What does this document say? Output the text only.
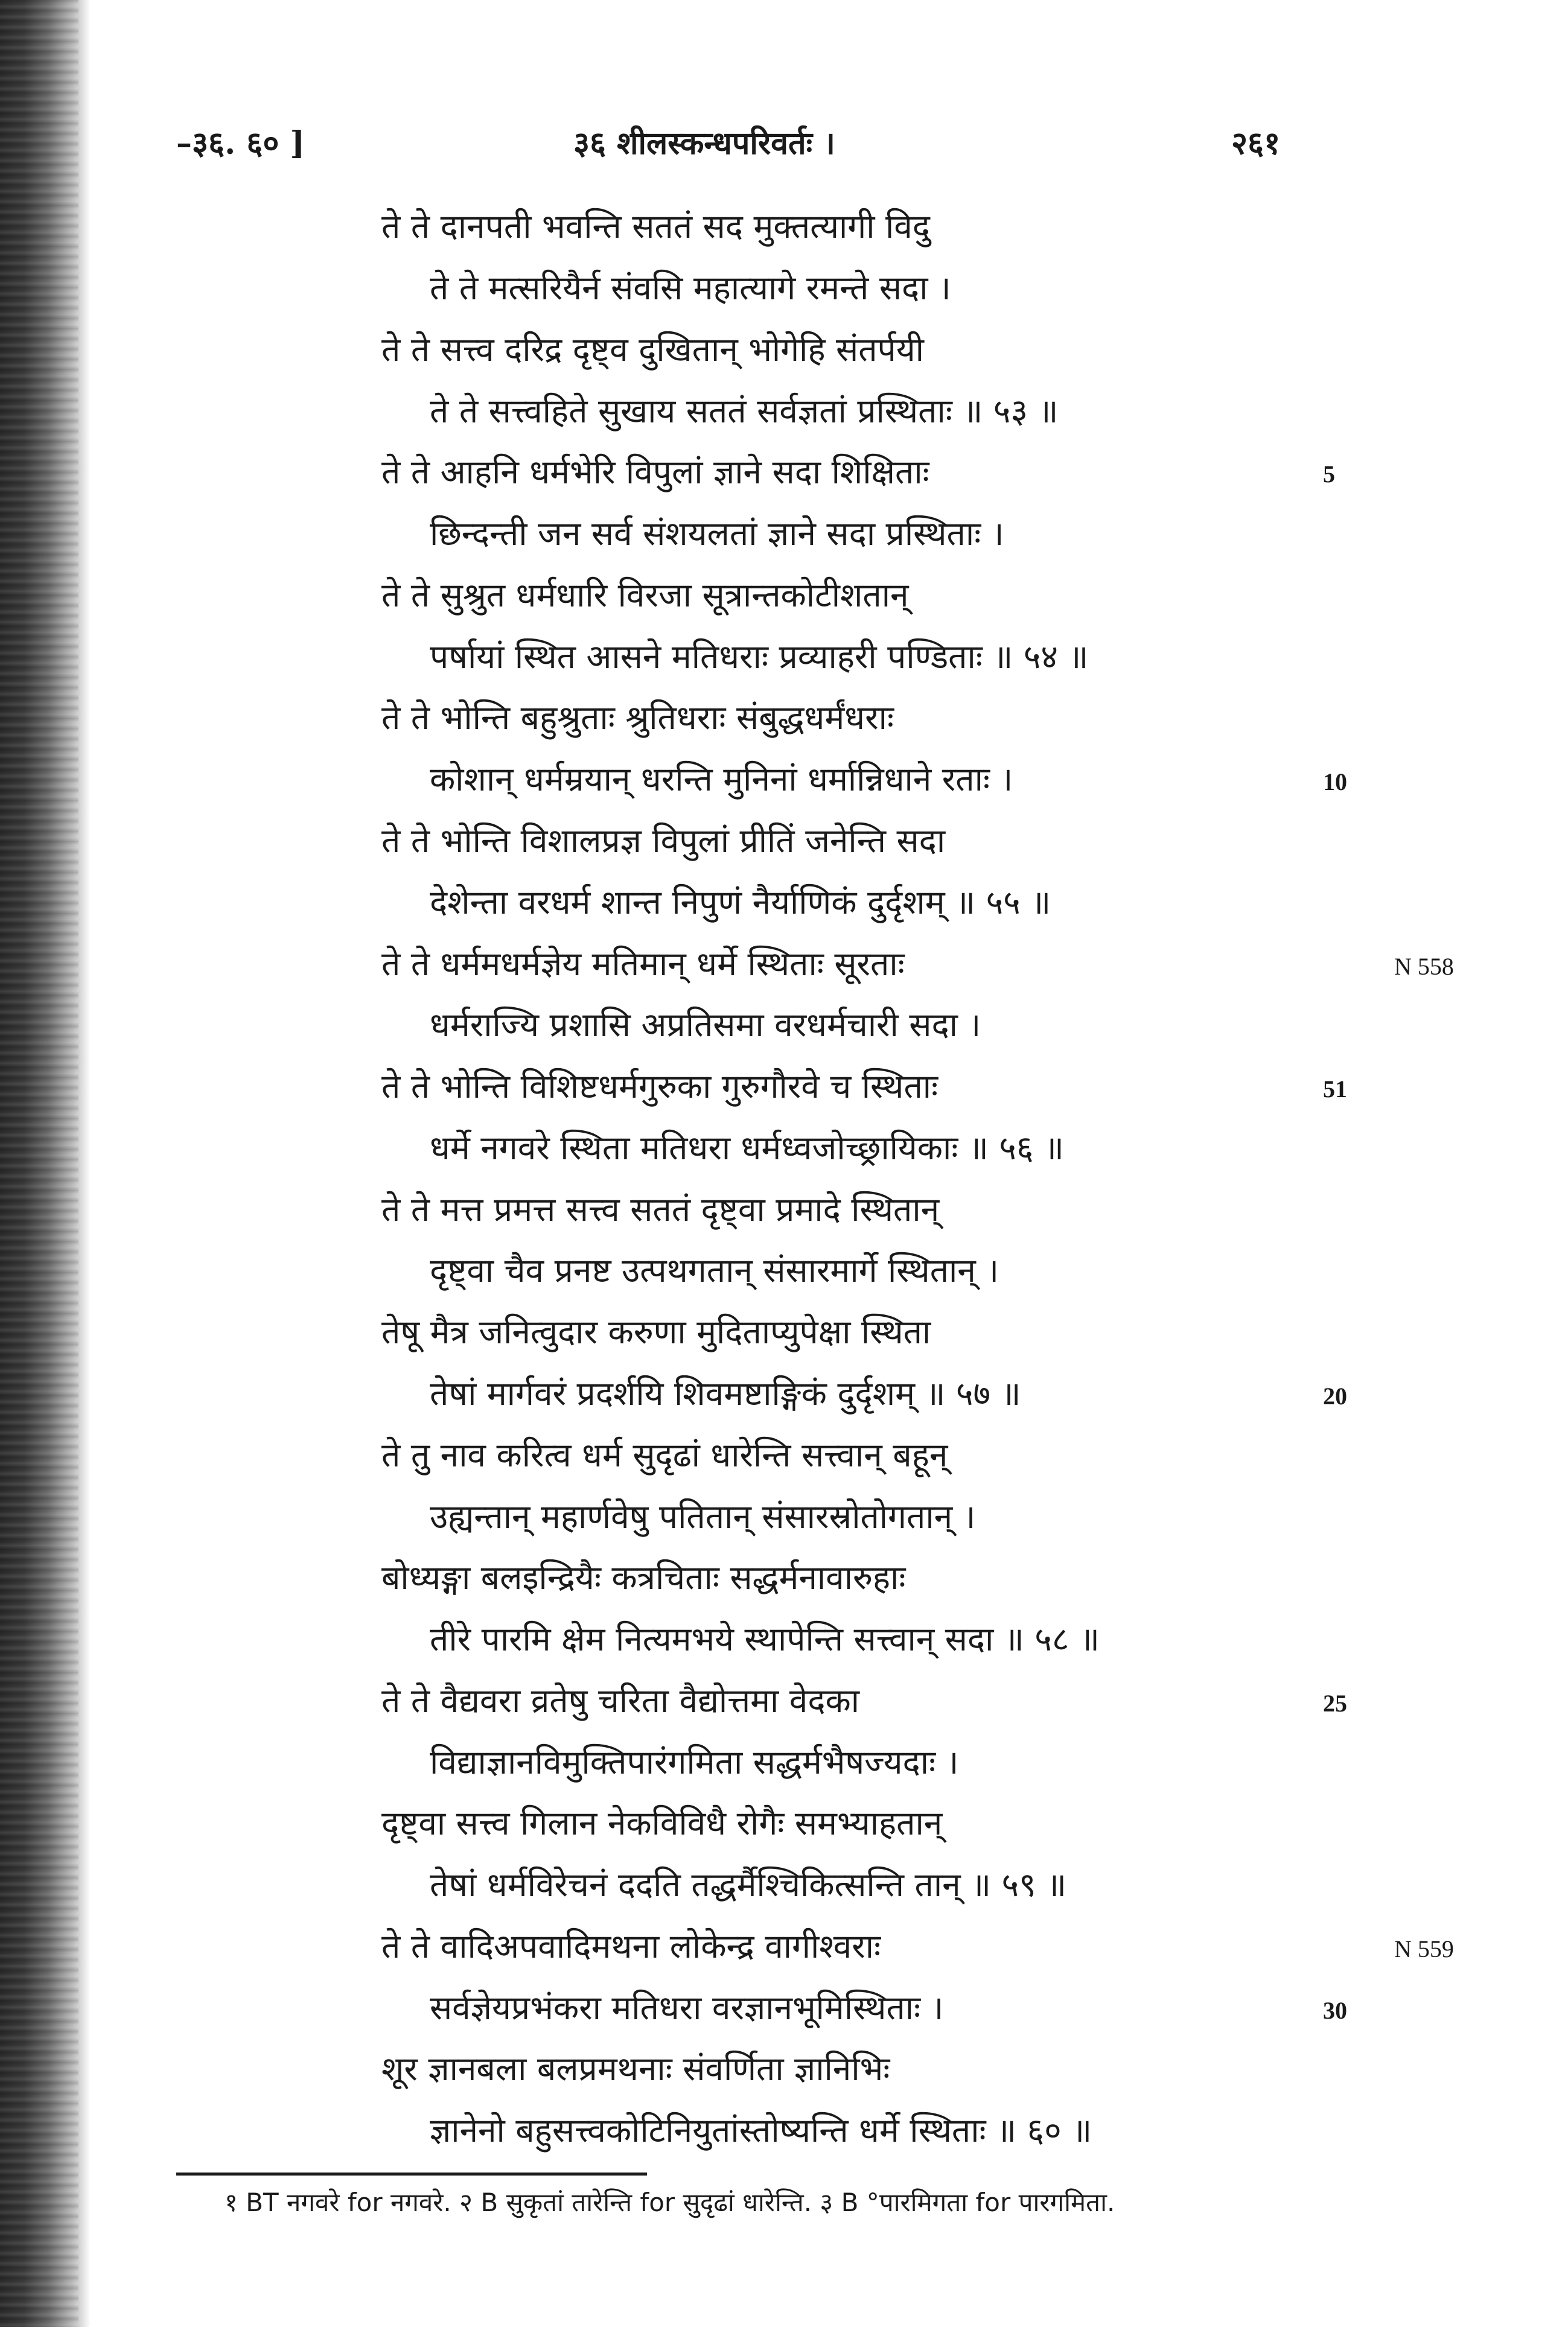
–३६. ६० ]	३६ शीलस्कन्धपरिवर्तः ।	२६१
ते ते दानपती भवन्ति सततं सद मुक्तत्यागी विदु
ते ते मत्सरियैर्न संवसि महात्यागे रमन्ते सदा ।
ते ते सत्त्व दरिद्र दृष्ट्व दुखितान् भोगेहि संतर्पयी
ते ते सत्त्वहिते सुखाय सततं सर्वज्ञतां प्रस्थिताः ॥ ५३ ॥
ते ते आहनि धर्मभेरि विपुलां ज्ञाने सदा शिक्षिताः
छिन्दन्ती जन सर्व संशयलतां ज्ञाने सदा प्रस्थिताः ।
ते ते सुश्रुत धर्मधारि विरजा सूत्रान्तकोटीशतान्
पर्षायां स्थित आसने मतिधराः प्रव्याहरी पण्डिताः ॥ ५४ ॥
ते ते भोन्ति बहुश्रुताः श्रुतिधराः संबुद्धधर्मंधराः
कोशान् धर्मम्रयान् धरन्ति मुनिनां धर्मान्निधाने रताः ।
ते ते भोन्ति विशालप्रज्ञ विपुलां प्रीतिं जनेन्ति सदा
देशेन्ता वरधर्म शान्त निपुणं नैर्याणिकं दुर्दृशम् ॥ ५५ ॥
ते ते धर्ममधर्मज्ञेय मतिमान् धर्मे स्थिताः सूरताः
धर्मराज्यि प्रशासि अप्रतिसमा वरधर्मचारी सदा ।
ते ते भोन्ति विशिष्टधर्मगुरुका गुरुगौरवे च स्थिताः
धर्मे नगवरे स्थिता मतिधरा धर्मध्वजोच्छ्रायिकाः ॥ ५६ ॥
ते ते मत्त प्रमत्त सत्त्व सततं दृष्ट्वा प्रमादे स्थितान्
दृष्ट्वा चैव प्रनष्ट उत्पथगतान् संसारमार्गे स्थितान् ।
तेषू मैत्र जनित्वुदार करुणा मुदिताप्युपेक्षा स्थिता
तेषां मार्गवरं प्रदर्शयि शिवमष्टाङ्गिकं दुर्दृशम् ॥ ५७ ॥
ते तु नाव करित्व धर्म सुदृढां धारेन्ति सत्त्वान् बहून्
उह्यन्तान् महार्णवेषु पतितान् संसारस्रोतोगतान् ।
बोध्यङ्गा बलइन्द्रियैः कत्रचिताः सद्धर्मनावारुहाः
तीरे पारमि क्षेम नित्यमभये स्थापेन्ति सत्त्वान् सदा ॥ ५८ ॥
ते ते वैद्यवरा व्रतेषु चरिता वैद्योत्तमा वेदका
विद्याज्ञानविमुक्तिपारंगमिता सद्धर्मभैषज्यदाः ।
दृष्ट्वा सत्त्व गिलान नेकविविधै रोगैः समभ्याहतान्
तेषां धर्मविरेचनं ददति तद्धर्मैश्चिकित्सन्ति तान् ॥ ५९ ॥
ते ते वादिअपवादिमथना लोकेन्द्र वागीश्वराः
सर्वज्ञेयप्रभंकरा मतिधरा वरज्ञानभूमिस्थिताः ।
शूर ज्ञानबला बलप्रमथनाः संवर्णिता ज्ञानिभिः
ज्ञानेनो बहुसत्त्वकोटिनियुतांस्तोष्यन्ति धर्मे स्थिताः ॥ ६० ॥
5
10
51
20
25
30
N 558
N 559
१ BT नगवरे for नगवरे. २ B सुकृतां तारेन्ति for सुदृढां धारेन्ति. ३ B °पारमिगता for पारगमिता.
